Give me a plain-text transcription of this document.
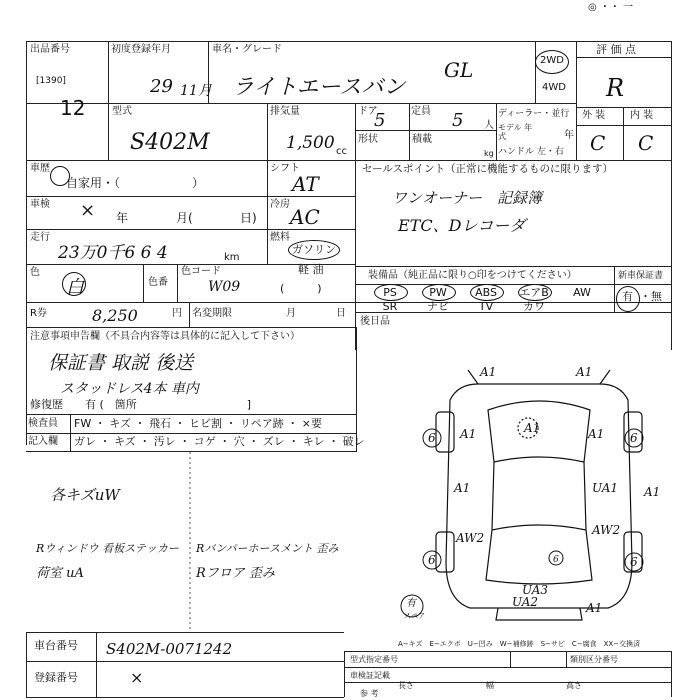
◎ ・・ 一
出品番号
[1390]
12
初度登録年月
29 11月
車名・グレード
ライトエースバン
GL	2WD
4WD
評 価 点
R
型式
S402M
排気量
1,500 cc
ドア
5	定員 5 人
形状	積載
kg
ディーラー・並行
モデル 年式	年
ハンドル 左・右
外 装 内 装
C C
車歴
自家用・（　　　　　　）
車検 × 年	月(	日)
走行
23万0千6 6 4	km
色
白	色番
色コード
W09
シフト
AT
冷房
AC
燃料
ガソリン
軽 油
(　　　)
R券	8,250	円 名変期限	月	日
セールスポイント（正常に機能するものに限ります）
ワンオーナー　記録簿
ETC、Dレコーダ
装備品（純正品に限り○印をつけてください）	新車保証書
PS	PW	ABS	エアB	AW
SR	ナビ	TV	カワ
有 ・無
後日品
注意事項申告欄（不具合内容等は具体的に記入して下さい）
保証書 取説 後送
スタッドレス4本 車内
修復歴　　有 (　箇所　　　　　　　　　　]
検査員
記入欄
FW ・ キズ ・ 飛石 ・ ヒビ割 ・ リペア跡 ・ ×要
ガレ ・ キズ ・ 汚レ ・ コゲ ・ 穴 ・ ズレ ・ キレ ・ 破レ
各キズuW
Rウィンドウ 看板ステッカー
荷室 uA
Rバンパーホースメント 歪み
Rフロア 歪み
A1	A1
A1	A1
A1
A1	UA1 A1
AW2
AW2
UA2
UA3
A1
6	6
6	6
6
有
スペア
A−キズ　E−エクボ　U−凹み　W−補修跡　S−サビ　C−腐食　XX−交換済
車台番号 S402M-0071242
登録番号	×
型式指定番号	類別区分番号
車検証記載
長さ	幅	高さ
参 考
